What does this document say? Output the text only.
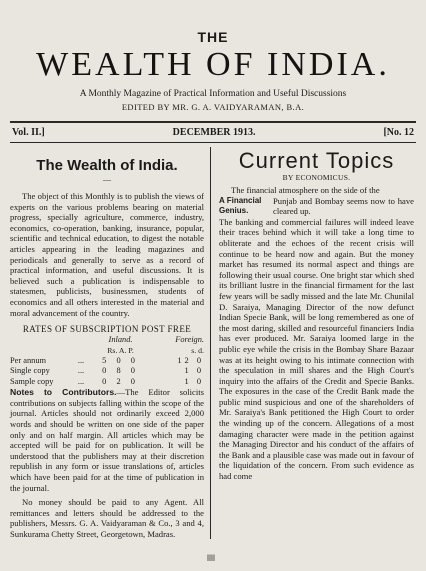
THE
WEALTH OF INDIA.
A Monthly Magazine of Practical Information and Useful Discussions
EDITED BY MR. G. A. VAIDYARAMAN, B.A.
Vol. II.]	DECEMBER 1913.	[No. 12
The Wealth of India.
—

The object of this Monthly is to publish the views of experts on the various problems bearing on material progress, specially agriculture, commerce, industry, economics, co-operation, banking, insurance, popular, scientific and technical education, to digest the notable articles appearing in the leading magazines and periodicals and generally to serve as a record of practical information, and useful discussions. It is believed such a publication is indispensable to statesmen, publicists, businessmen, students of economics and all others interested in the material and moral advancement of the country.

RATES OF SUBSCRIPTION POST FREE
		Inland.	Foreign.
		Rs. A. P.	s. d.
Per annum	...	5 0 0	12 0
Single copy	...	0 8 0	1 0
Sample copy	...	0 2 0	1 0

Notes to Contributors.—The Editor solicits contributions on subjects falling within the scope of the journal. Articles should not ordinarily exceed 2,000 words and should be written on one side of the paper only and on half margin. All articles which may be accepted will be paid for on publication. It will be understood that the publishers may at their discretion republish in any form or issue translations of, articles which have been paid for at the time of publication in the journal.

No money should be paid to any Agent. All remittances and letters should be addressed to the publishers, Messrs. G. A. Vaidyaraman & Co., 3 and 4, Sunkurama Chetty Street, Georgetown, Madras.

Current Topics
BY ECONOMICUS.

The financial atmosphere on the side of the

A Financial Genius.
Punjab and Bombay seems now to have cleared up.

The banking and commercial failures will indeed leave their traces behind which it will take a long time to obliterate and the echoes of the recent crisis will continue to be heard now and again. But the money market has resumed its normal aspect and things are following their usual course. One bright star which shed its brilliant lustre in the financial firmament for the last few years will be sadly missed and the late Mr. Chunilal D. Saraiya, Managing Director of the now defunct Indian Specie Bank, will be long remembered as one of the most daring, skilled and resourceful financiers India has ever produced. Mr. Saraiya loomed large in the public eye while the crisis in the Bombay Share Bazaar was at its height owing to his intimate connection with the speculation in mill shares and the High Court's inquiry into the affairs of the Credit and Specie Banks. The exposures in the case of the Credit Bank made the public mind suspicious and one of the shareholders of Mr. Saraiya's Bank petitioned the High Court to order the winding up of the concern. Allegations of a most damaging character were made in the petition against the Managing Director and his conduct of the affairs of the Bank and a plausible case was made out in favour of the liquidation of the concern. From such evidence as had come

ǀǀǀǀ
